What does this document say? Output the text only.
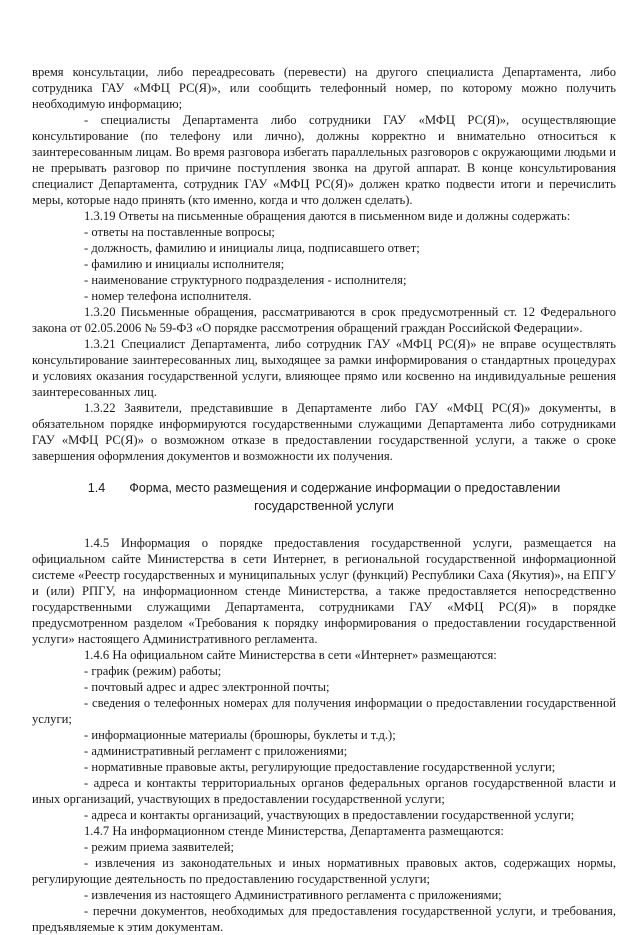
время консультации, либо переадресовать (перевести) на другого специалиста Департамента, либо сотрудника ГАУ «МФЦ РС(Я)», или сообщить телефонный номер, по которому можно получить необходимую информацию;

- специалисты Департамента либо сотрудники ГАУ «МФЦ РС(Я)», осуществляющие консультирование (по телефону или лично), должны корректно и внимательно относиться к заинтересованным лицам. Во время разговора избегать параллельных разговоров с окружающими людьми и не прерывать разговор по причине поступления звонка на другой аппарат. В конце консультирования специалист Департамента, сотрудник ГАУ «МФЦ РС(Я)» должен кратко подвести итоги и перечислить меры, которые надо принять (кто именно, когда и что должен сделать).

1.3.19 Ответы на письменные обращения даются в письменном виде и должны содержать:

- ответы на поставленные вопросы;

- должность, фамилию и инициалы лица, подписавшего ответ;

- фамилию и инициалы исполнителя;

- наименование структурного подразделения - исполнителя;

- номер телефона исполнителя.

1.3.20 Письменные обращения, рассматриваются в срок предусмотренный ст. 12 Федерального закона от 02.05.2006 № 59-ФЗ «О порядке рассмотрения обращений граждан Российской Федерации».

1.3.21 Специалист Департамента, либо сотрудник ГАУ «МФЦ РС(Я)» не вправе осуществлять консультирование заинтересованных лиц, выходящее за рамки информирования о стандартных процедурах и условиях оказания государственной услуги, влияющее прямо или косвенно на индивидуальные решения заинтересованных лиц.

1.3.22 Заявители, представившие в Департаменте либо ГАУ «МФЦ РС(Я)» документы, в обязательном порядке информируются государственными служащими Департамента либо сотрудниками ГАУ «МФЦ РС(Я)» о возможном отказе в предоставлении государственной услуги, а также о сроке завершения оформления документов и возможности их получения.

1.4 Форма, место размещения и содержание информации о предоставлении государственной услуги

1.4.5 Информация о порядке предоставления государственной услуги, размещается на официальном сайте Министерства в сети Интернет, в региональной государственной информационной системе «Реестр государственных и муниципальных услуг (функций) Республики Саха (Якутия)», на ЕПГУ и (или) РПГУ, на информационном стенде Министерства, а также предоставляется непосредственно государственными служащими Департамента, сотрудниками ГАУ «МФЦ РС(Я)» в порядке предусмотренном разделом «Требования к порядку информирования о предоставлении государственной услуги» настоящего Административного регламента.

1.4.6 На официальном сайте Министерства в сети «Интернет» размещаются:

- график (режим) работы;

- почтовый адрес и адрес электронной почты;

- сведения о телефонных номерах для получения информации о предоставлении государственной услуги;

- информационные материалы (брошюры, буклеты и т.д.);

- административный регламент с приложениями;

- нормативные правовые акты, регулирующие предоставление государственной услуги;

- адреса и контакты территориальных органов федеральных органов государственной власти и иных организаций, участвующих в предоставлении государственной услуги;

- адреса и контакты организаций, участвующих в предоставлении государственной услуги;

1.4.7 На информационном стенде Министерства, Департамента размещаются:

- режим приема заявителей;

- извлечения из законодательных и иных нормативных правовых актов, содержащих нормы, регулирующие деятельность по предоставлению государственной услуги;

- извлечения из настоящего Административного регламента с приложениями;

- перечни документов, необходимых для предоставления государственной услуги, и требования, предъявляемые к этим документам.
